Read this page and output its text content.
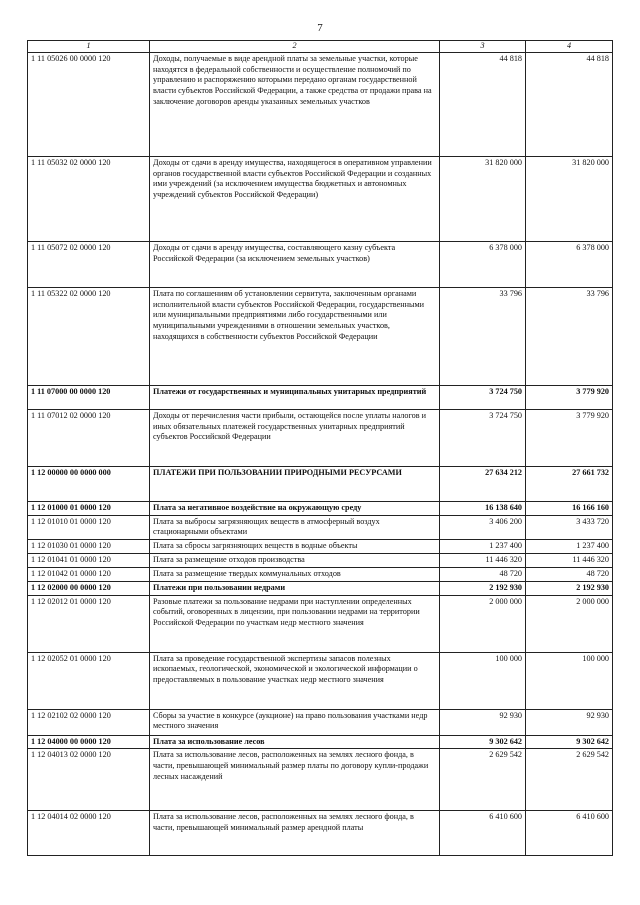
7
1	2	3	4
1 11 05026 00 0000 120	Доходы, получаемые в виде арендной платы за земельные участки, которые находятся в федеральной собственности и осуществление полномочий по управлению и распоряжению которыми передано органам государственной власти субъектов Российской Федерации, а также средства от продажи права на заключение договоров аренды указанных земельных участков	44 818	44 818
1 11 05032 02 0000 120	Доходы от сдачи в аренду имущества, находящегося в оперативном управлении органов государственной власти субъектов Российской Федерации и созданных ими учреждений (за исключением имущества бюджетных и автономных учреждений субъектов Российской Федерации)	31 820 000	31 820 000
1 11 05072 02 0000 120	Доходы от сдачи в аренду имущества, составляющего казну субъекта Российской Федерации (за исключением земельных участков)	6 378 000	6 378 000
1 11 05322 02 0000 120	Плата по соглашениям об установлении сервитута, заключенным органами исполнительной власти субъектов Российской Федерации, государственными или муниципальными предприятиями либо государственными или муниципальными учреждениями в отношении земельных участков, находящихся в собственности субъектов Российской Федерации	33 796	33 796
1 11 07000 00 0000 120	Платежи от государственных и муниципальных унитарных предприятий	3 724 750	3 779 920
1 11 07012 02 0000 120	Доходы от перечисления части прибыли, остающейся после уплаты налогов и иных обязательных платежей государственных унитарных предприятий субъектов Российской Федерации	3 724 750	3 779 920
1 12 00000 00 0000 000	ПЛАТЕЖИ ПРИ ПОЛЬЗОВАНИИ ПРИРОДНЫМИ РЕСУРСАМИ	27 634 212	27 661 732
1 12 01000 01 0000 120	Плата за негативное воздействие на окружающую среду	16 138 640	16 166 160
1 12 01010 01 0000 120	Плата за выбросы загрязняющих веществ в атмосферный воздух стационарными объектами	3 406 200	3 433 720
1 12 01030 01 0000 120	Плата за сбросы загрязняющих веществ в водные объекты	1 237 400	1 237 400
1 12 01041 01 0000 120	Плата за размещение отходов производства	11 446 320	11 446 320
1 12 01042 01 0000 120	Плата за размещение твердых коммунальных отходов	48 720	48 720
1 12 02000 00 0000 120	Платежи при пользовании недрами	2 192 930	2 192 930
1 12 02012 01 0000 120	Разовые платежи за пользование недрами при наступлении определенных событий, оговоренных в лицензии, при пользовании недрами на территории Российской Федерации по участкам недр местного значения	2 000 000	2 000 000
1 12 02052 01 0000 120	Плата за проведение государственной экспертизы запасов полезных ископаемых, геологической, экономической и экологической информации о предоставляемых в пользование участках недр местного значения	100 000	100 000
1 12 02102 02 0000 120	Сборы за участие в конкурсе (аукционе) на право пользования участками недр местного значения	92 930	92 930
1 12 04000 00 0000 120	Плата за использование лесов	9 302 642	9 302 642
1 12 04013 02 0000 120	Плата за использование лесов, расположенных на землях лесного фонда, в части, превышающей минимальный размер платы по договору купли-продажи лесных насаждений	2 629 542	2 629 542
1 12 04014 02 0000 120	Плата за использование лесов, расположенных на землях лесного фонда, в части, превышающей минимальный размер арендной платы	6 410 600	6 410 600
